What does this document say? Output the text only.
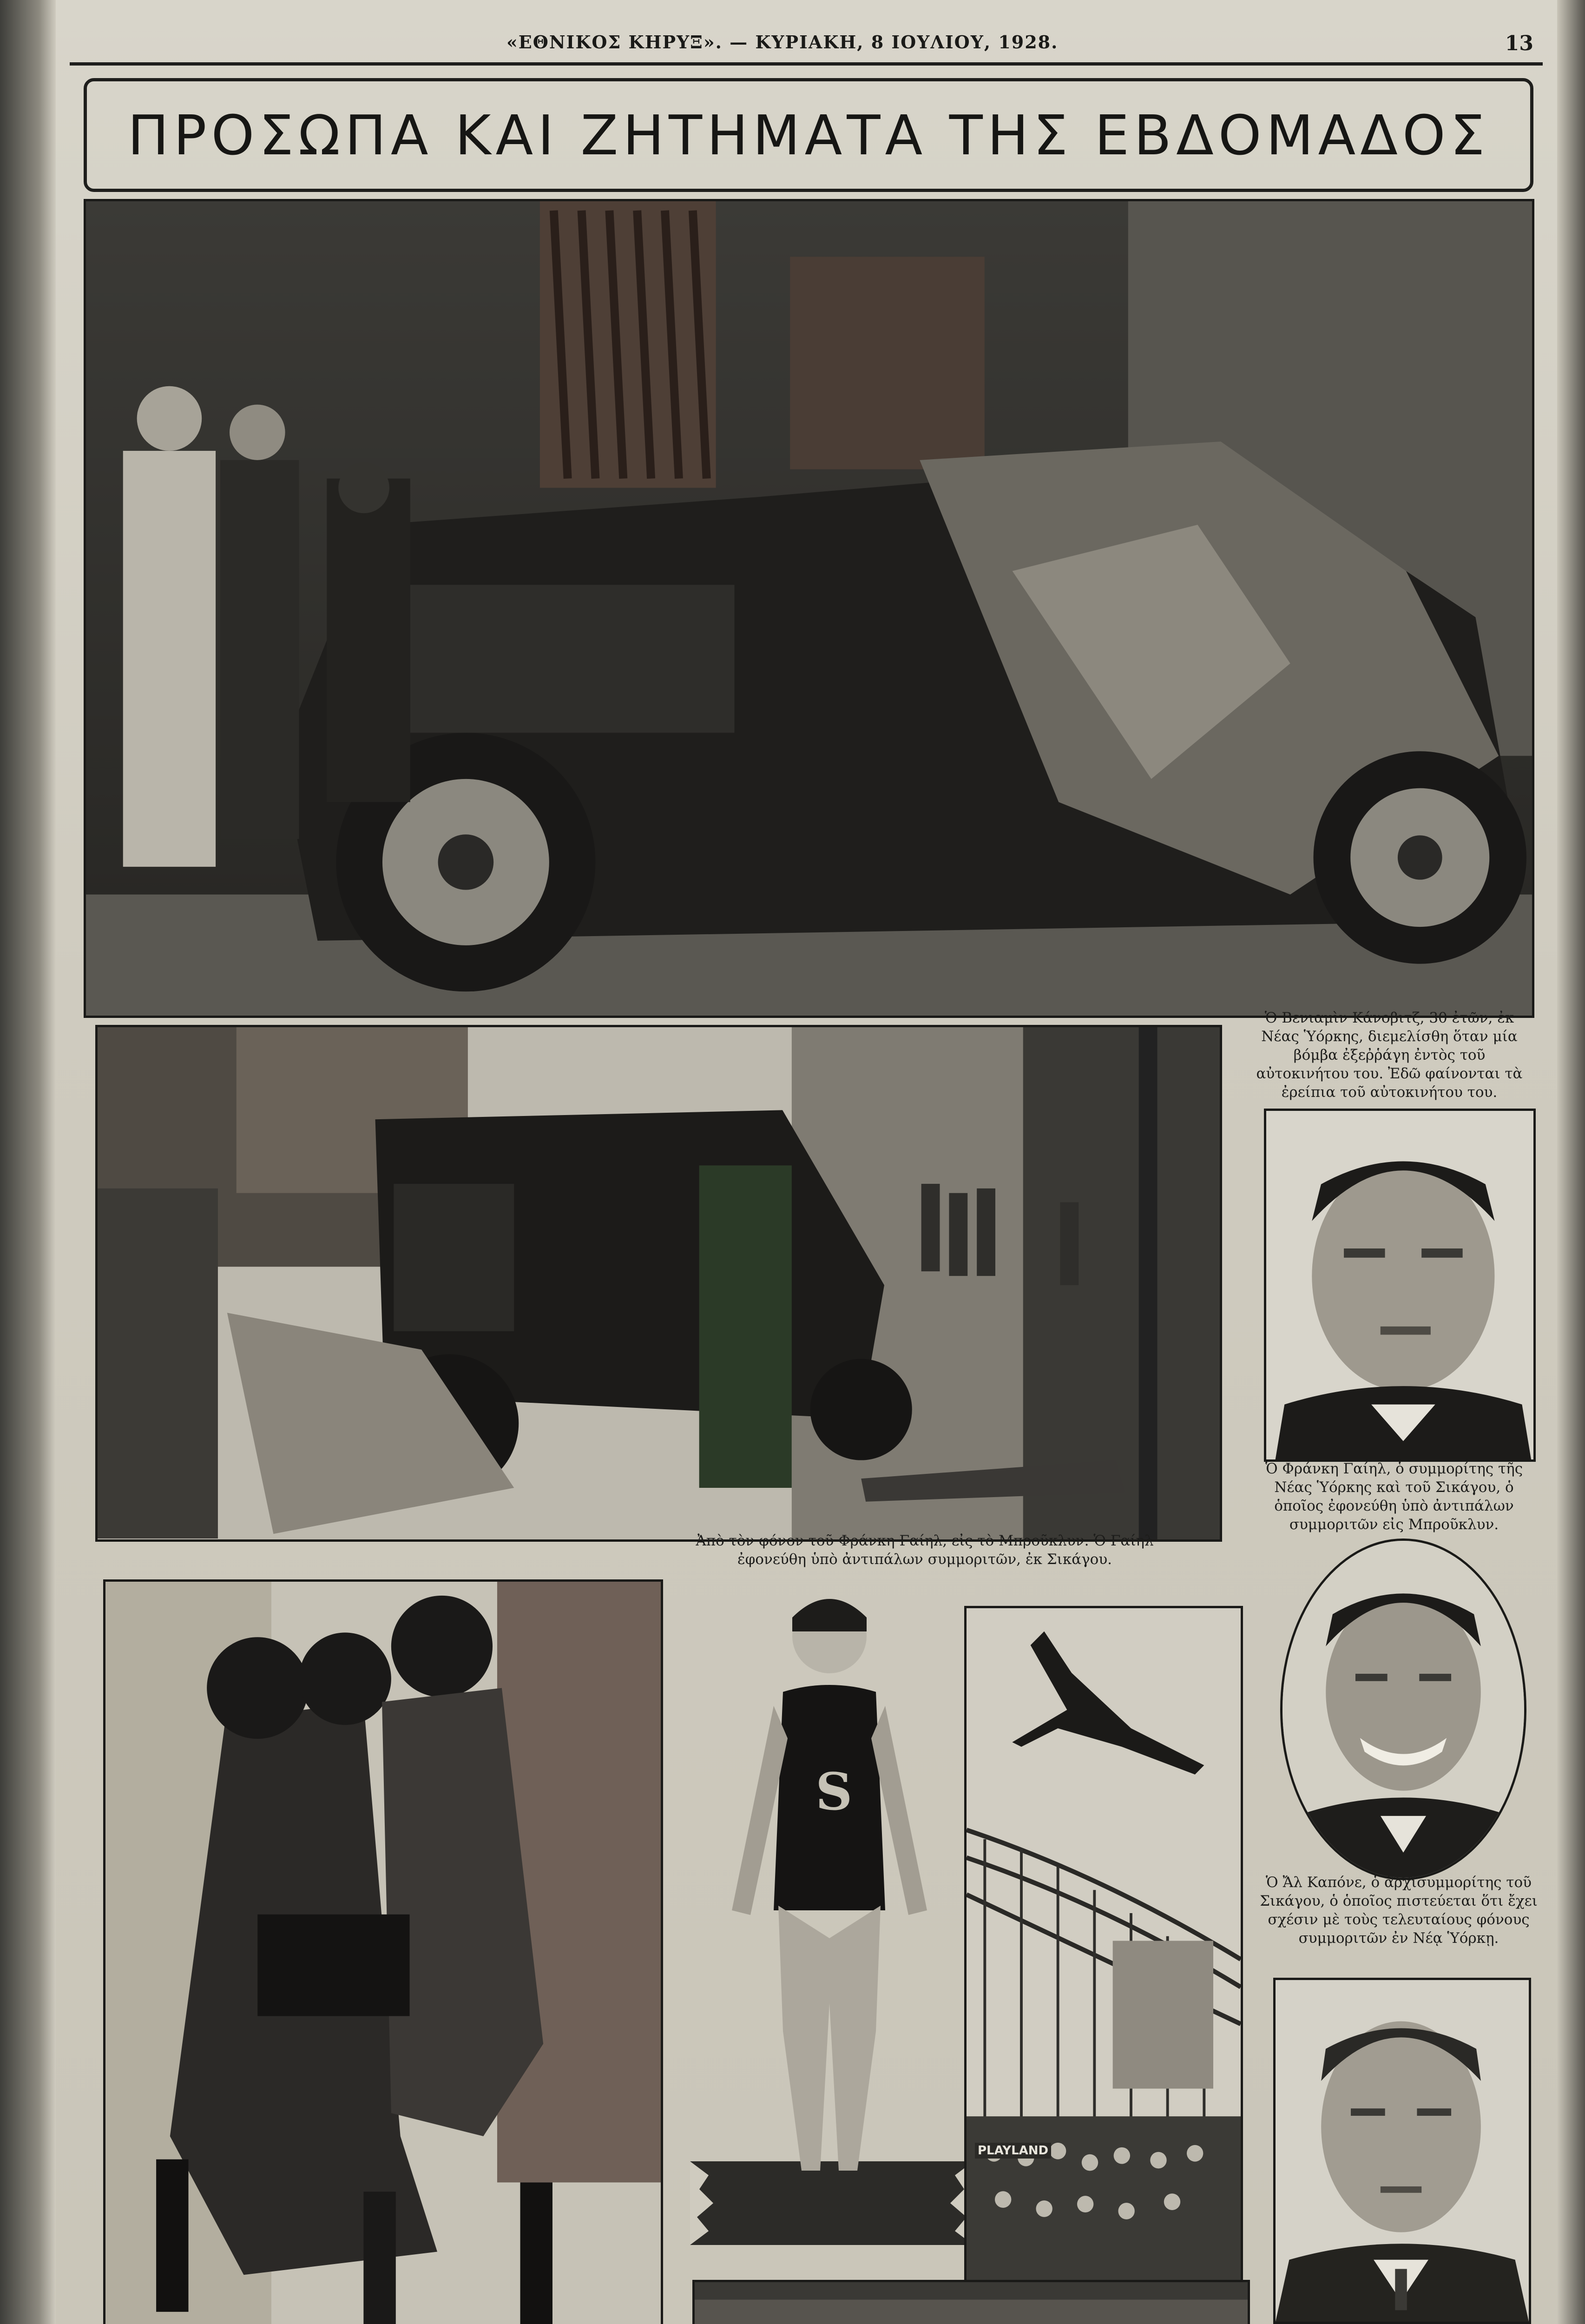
«ΕΘΝΙΚΟΣ ΚΗΡΥΞ». — ΚΥΡΙΑΚΗ, 8 ΙΟΥΛΙΟΥ, 1928.	13
ΠΡΟΣΩΠΑ ΚΑΙ ΖΗΤΗΜΑΤΑ ΤΗΣ ΕΒΔΟΜΑΔΟΣ
Ὁ Βενιαμὶν Κάνοβιτζ, 30 ἐτῶν, ἐκ Νέας Ὑόρκης, διεμελίσθη ὅταν μία βόμβα ἐξεῤῥάγη ἐντὸς τοῦ αὐτοκινήτου του. Ἐδῶ φαίνονται τὰ ἐρείπια τοῦ αὐτοκινήτου του.
Ἀπὸ τὸν φόνον τοῦ Φράνκη Γαίηλ, εἰς τὸ Μπροῦκλυν. Ὁ Γαίηλ ἐφονεύθη ὑπὸ ἀντιπάλων συμμοριτῶν, ἐκ Σικάγου.
Ὁ Φράνκη Γαίηλ, ὁ συμμορίτης τῆς Νέας Ὑόρκης καὶ τοῦ Σικάγου, ὁ ὁποῖος ἐφονεύθη ὑπὸ ἀντιπάλων συμμοριτῶν εἰς Μπροῦκλυν.
S
PLAYLAND
Ὁ Ἄλ Καπόνε, ὁ ἀρχισυμμορίτης τοῦ Σικάγου, ὁ ὁποῖος πιστεύεται ὅτι ἔχει σχέσιν μὲ τοὺς τελευταίους φόνους συμμοριτῶν ἐν Νέᾳ Ὑόρκῃ.
